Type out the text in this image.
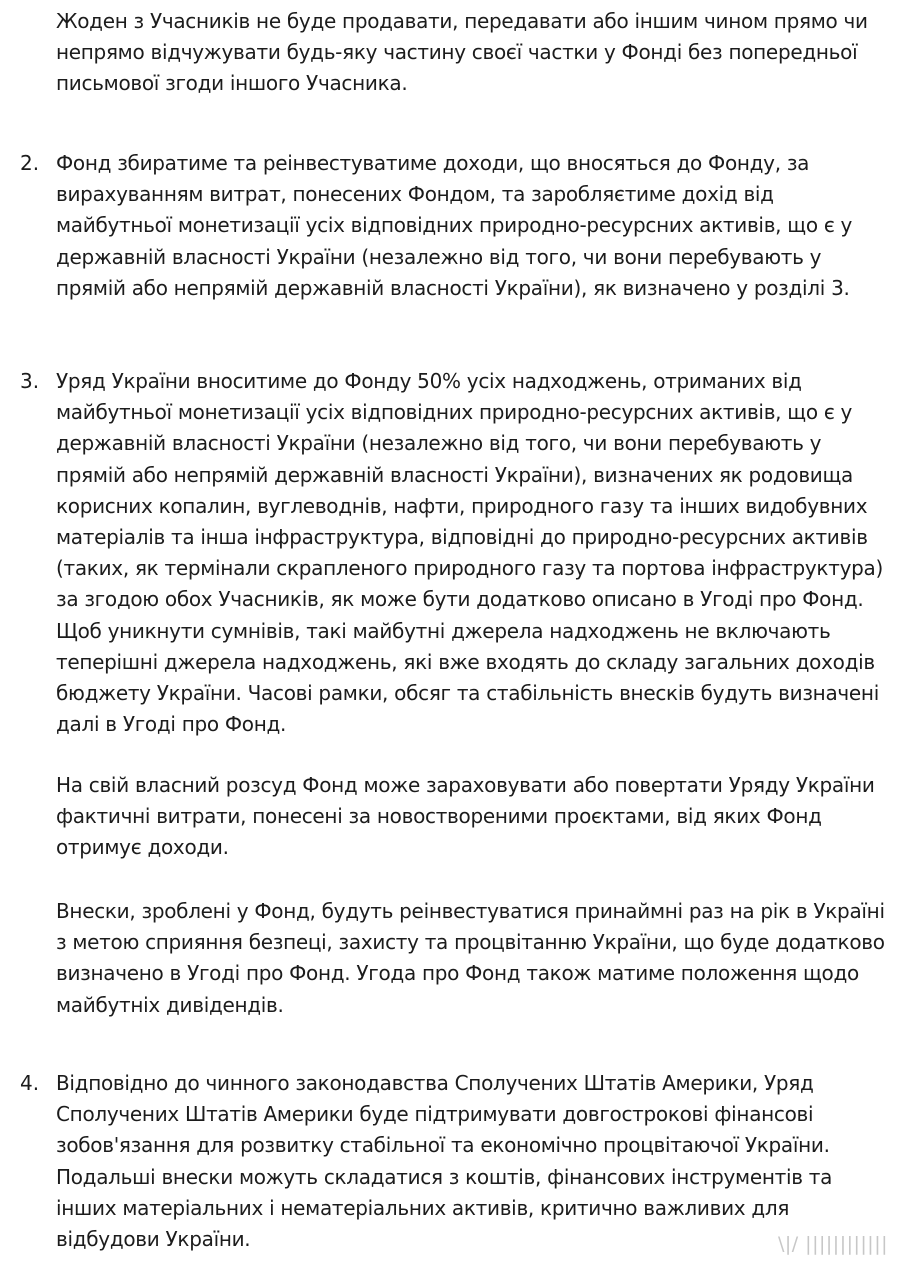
Жоден з Учасників не буде продавати, передавати або іншим чином прямо чи непрямо відчужувати будь-яку частину своєї частки у Фонді без попередньої письмової згоди іншого Учасника.

2. Фонд збиратиме та реінвестуватиме доходи, що вносяться до Фонду, за вирахуванням витрат, понесених Фондом, та заробляєтиме дохід від майбутньої монетизації усіх відповідних природно-ресурсних активів, що є у державній власності України (незалежно від того, чи вони перебувають у прямій або непрямій державній власності України), як визначено у розділі 3.

3. Уряд України вноситиме до Фонду 50% усіх надходжень, отриманих від майбутньої монетизації усіх відповідних природно-ресурсних активів, що є у державній власності України (незалежно від того, чи вони перебувають у прямій або непрямій державній власності України), визначених як родовища корисних копалин, вуглеводнів, нафти, природного газу та інших видобувних матеріалів та інша інфраструктура, відповідні до природно-ресурсних активів (таких, як термінали скрапленого природного газу та портова інфраструктура) за згодою обох Учасників, як може бути додатково описано в Угоді про Фонд. Щоб уникнути сумнівів, такі майбутні джерела надходжень не включають теперішні джерела надходжень, які вже входять до складу загальних доходів бюджету України. Часові рамки, обсяг та стабільність внесків будуть визначені далі в Угоді про Фонд.

На свій власний розсуд Фонд може зараховувати або повертати Уряду України фактичні витрати, понесені за новоствореними проєктами, від яких Фонд отримує доходи.

Внески, зроблені у Фонд, будуть реінвестуватися принаймні раз на рік в Україні з метою сприяння безпеці, захисту та процвітанню України, що буде додатково визначено в Угоді про Фонд. Угода про Фонд також матиме положення щодо майбутніх дивідендів.

4. Відповідно до чинного законодавства Сполучених Штатів Америки, Уряд Сполучених Штатів Америки буде підтримувати довгострокові фінансові зобов'язання для розвитку стабільної та економічно процвітаючої України. Подальші внески можуть складатися з коштів, фінансових інструментів та інших матеріальних і нематеріальних активів, критично важливих для відбудови України.	\|/ ||||||||||||
